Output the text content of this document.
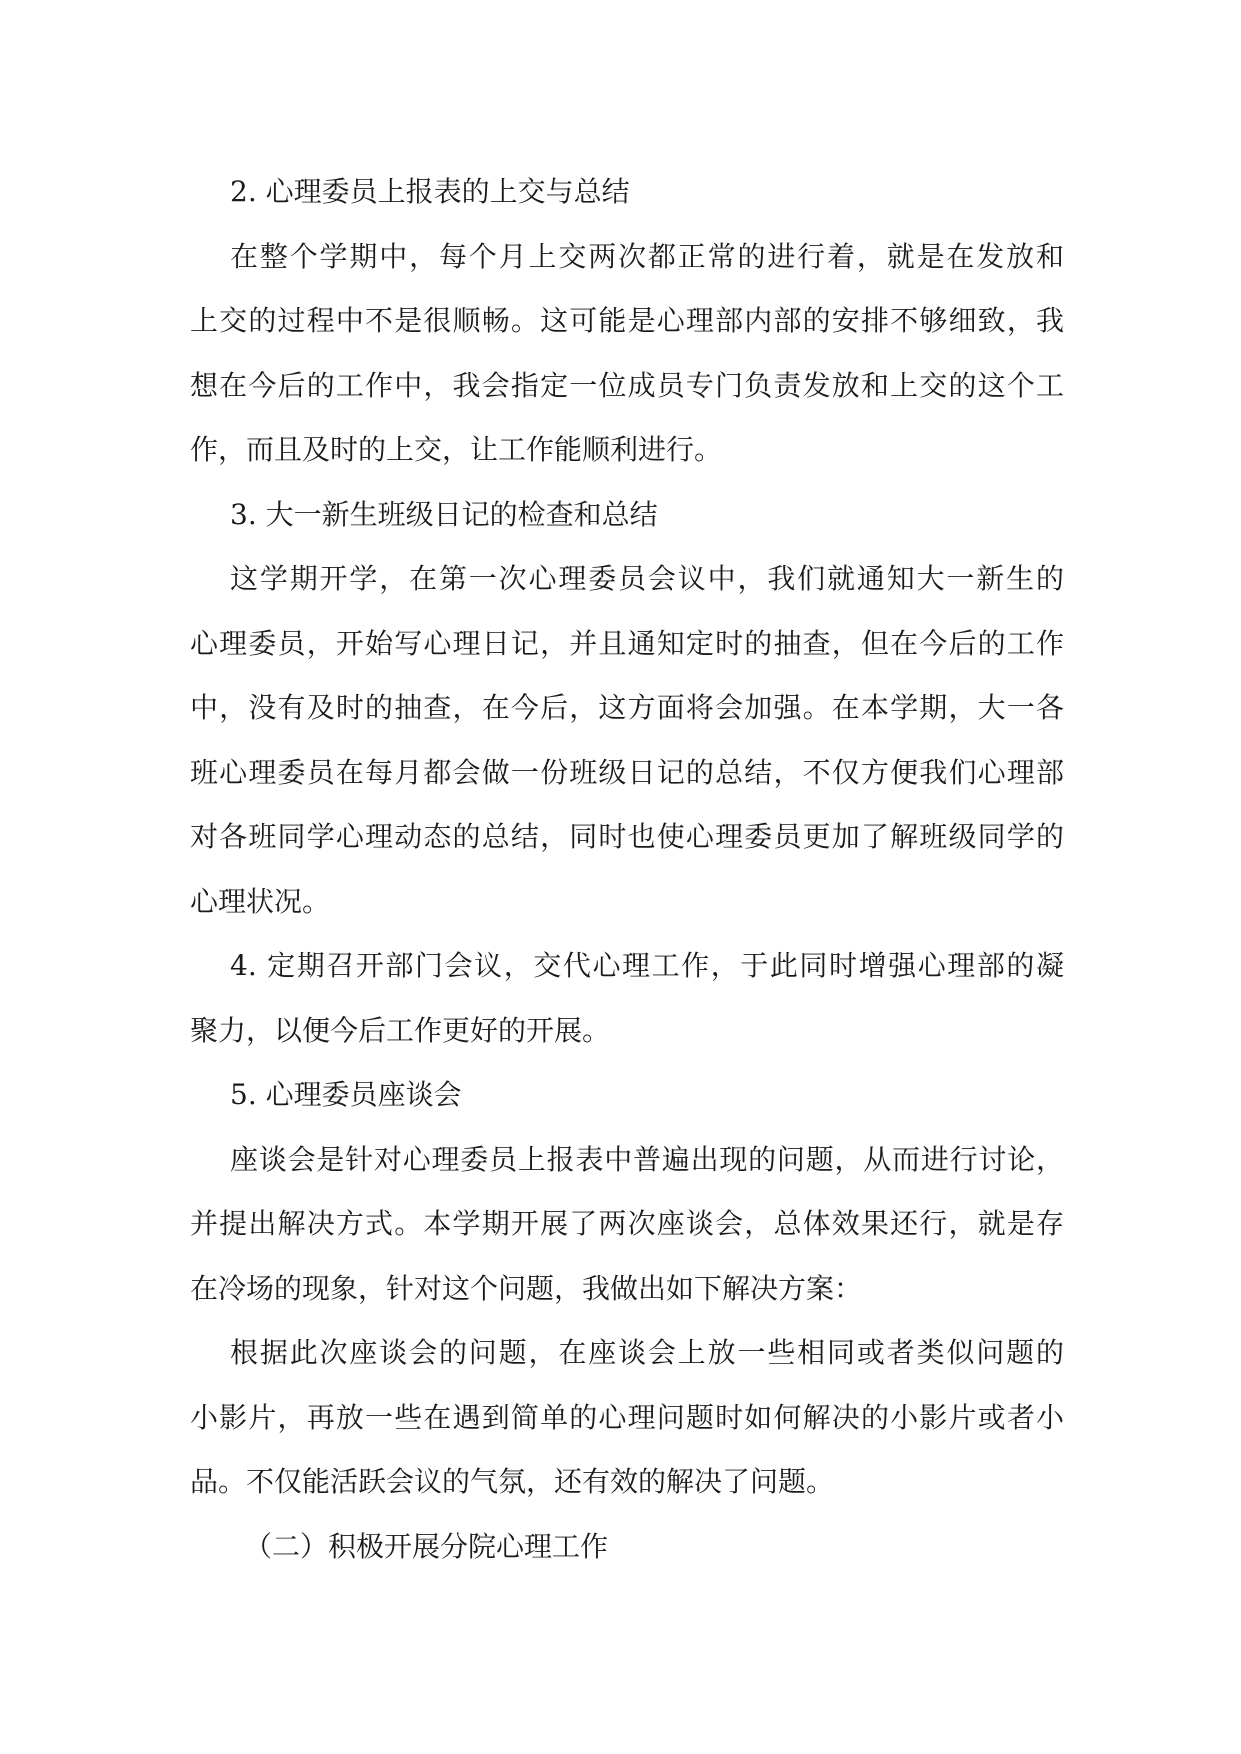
2. 心理委员上报表的上交与总结
在整个学期中，每个月上交两次都正常的进行着，就是在发放和
上交的过程中不是很顺畅。这可能是心理部内部的安排不够细致，我
想在今后的工作中，我会指定一位成员专门负责发放和上交的这个工
作，而且及时的上交，让工作能顺利进行。
3. 大一新生班级日记的检查和总结
这学期开学，在第一次心理委员会议中，我们就通知大一新生的
心理委员，开始写心理日记，并且通知定时的抽查，但在今后的工作
中，没有及时的抽查，在今后，这方面将会加强。在本学期，大一各
班心理委员在每月都会做一份班级日记的总结，不仅方便我们心理部
对各班同学心理动态的总结，同时也使心理委员更加了解班级同学的
心理状况。
4. 定期召开部门会议，交代心理工作，于此同时增强心理部的凝
聚力，以便今后工作更好的开展。
5. 心理委员座谈会
座谈会是针对心理委员上报表中普遍出现的问题，从而进行讨论，
并提出解决方式。本学期开展了两次座谈会，总体效果还行，就是存
在冷场的现象，针对这个问题，我做出如下解决方案：
根据此次座谈会的问题，在座谈会上放一些相同或者类似问题的
小影片，再放一些在遇到简单的心理问题时如何解决的小影片或者小
品。不仅能活跃会议的气氛，还有效的解决了问题。
（二）积极开展分院心理工作
